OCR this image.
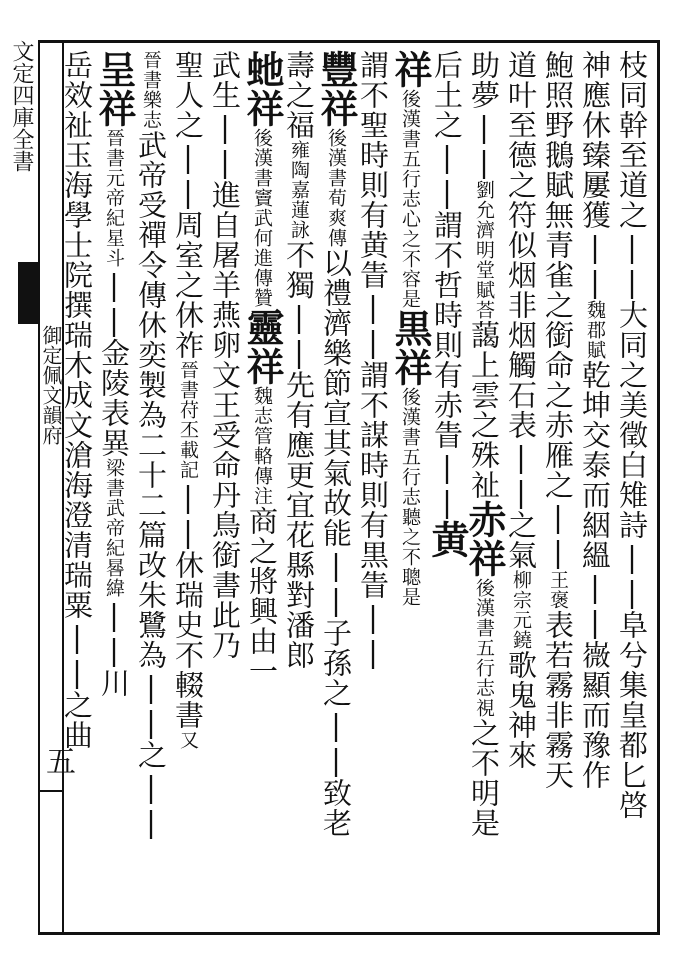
文定四庫全書
御定佩文韻府
五	枝同幹至道之||大同之美徵白雉詩||阜兮集皇都匕啓
神應休臻屢獲||魏郡賦乾坤交泰而絪縕||嶶顯而豫作
鮑照野鵝賦無青雀之銜命之赤雁之||王褒表若霧非霧天
道叶至德之符似烟非烟觸石表||之氣柳宗元鐃歌鬼神來
助夢||劉允濟明堂賦荅藹上雲之殊祉赤祥後漢書五行志視之不明是
后土之||謂不哲時則有赤眚||黄
祥後漢書五行志心之不容是黒祥後漢書五行志聽之不聰是
謂不聖時則有黄眚||謂不謀時則有黒眚||
豐祥後漢書荀爽傳以禮濟樂節宣其氣故能||子孫之||致老
壽之福雍陶嘉蓮詠不獨||先有應更宜花縣對潘郎
虵祥後漢書竇武何進傳贊靈祥魏志管輅傳注商之將興由一
武生||進自屠羊燕卵文王受命丹鳥銜書此乃
聖人之||周室之休祚晉書苻丕載記||休瑞史不輟書又
晉書樂志武帝受禪令傳休奕製為二十二篇改朱鷺為||之||
呈祥晉書元帝紀星斗||金陵表異梁書武帝紀晷緯||川
岳效祉玉海學士院撰瑞木成文滄海澄清瑞粟||之曲
